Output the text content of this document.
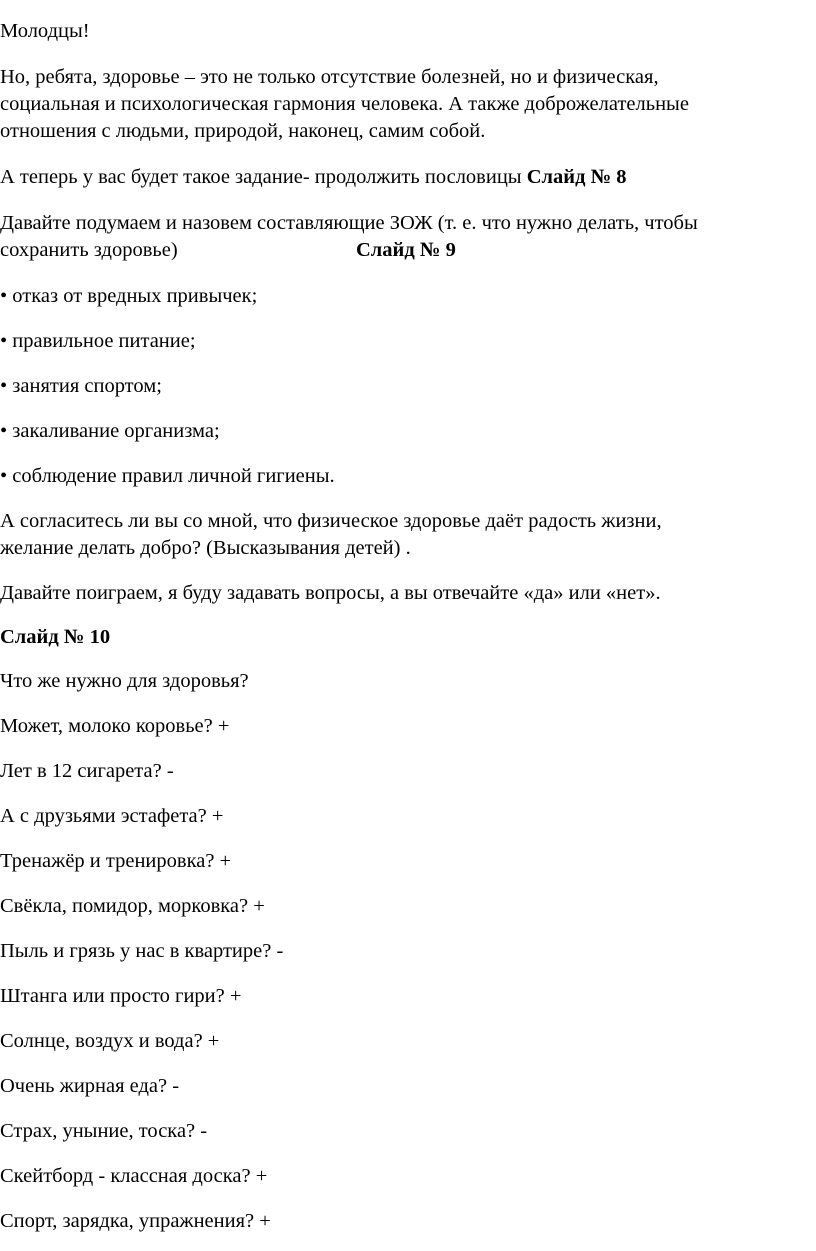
Молодцы!
Но, ребята, здоровье – это не только отсутствие болезней, но и физическая,
социальная и психологическая гармония человека. А также доброжелательные
отношения с людьми, природой, наконец, самим собой.
А теперь у вас будет такое задание- продолжить пословицы Слайд № 8
Давайте подумаем и назовем составляющие ЗОЖ (т. е. что нужно делать, чтобы
сохранить здоровье)	Слайд № 9
• отказ от вредных привычек;
• правильное питание;
• занятия спортом;
• закаливание организма;
• соблюдение правил личной гигиены.
А согласитесь ли вы со мной, что физическое здоровье даёт радость жизни,
желание делать добро? (Высказывания детей) .
Давайте поиграем, я буду задавать вопросы, а вы отвечайте «да» или «нет».
Слайд № 10
Что же нужно для здоровья?
Может, молоко коровье? +
Лет в 12 сигарета? -
А с друзьями эстафета? +
Тренажёр и тренировка? +
Свёкла, помидор, морковка? +
Пыль и грязь у нас в квартире? -
Штанга или просто гири? +
Солнце, воздух и вода? +
Очень жирная еда? -
Страх, уныние, тоска? -
Скейтборд - классная доска? +
Спорт, зарядка, упражнения? +
